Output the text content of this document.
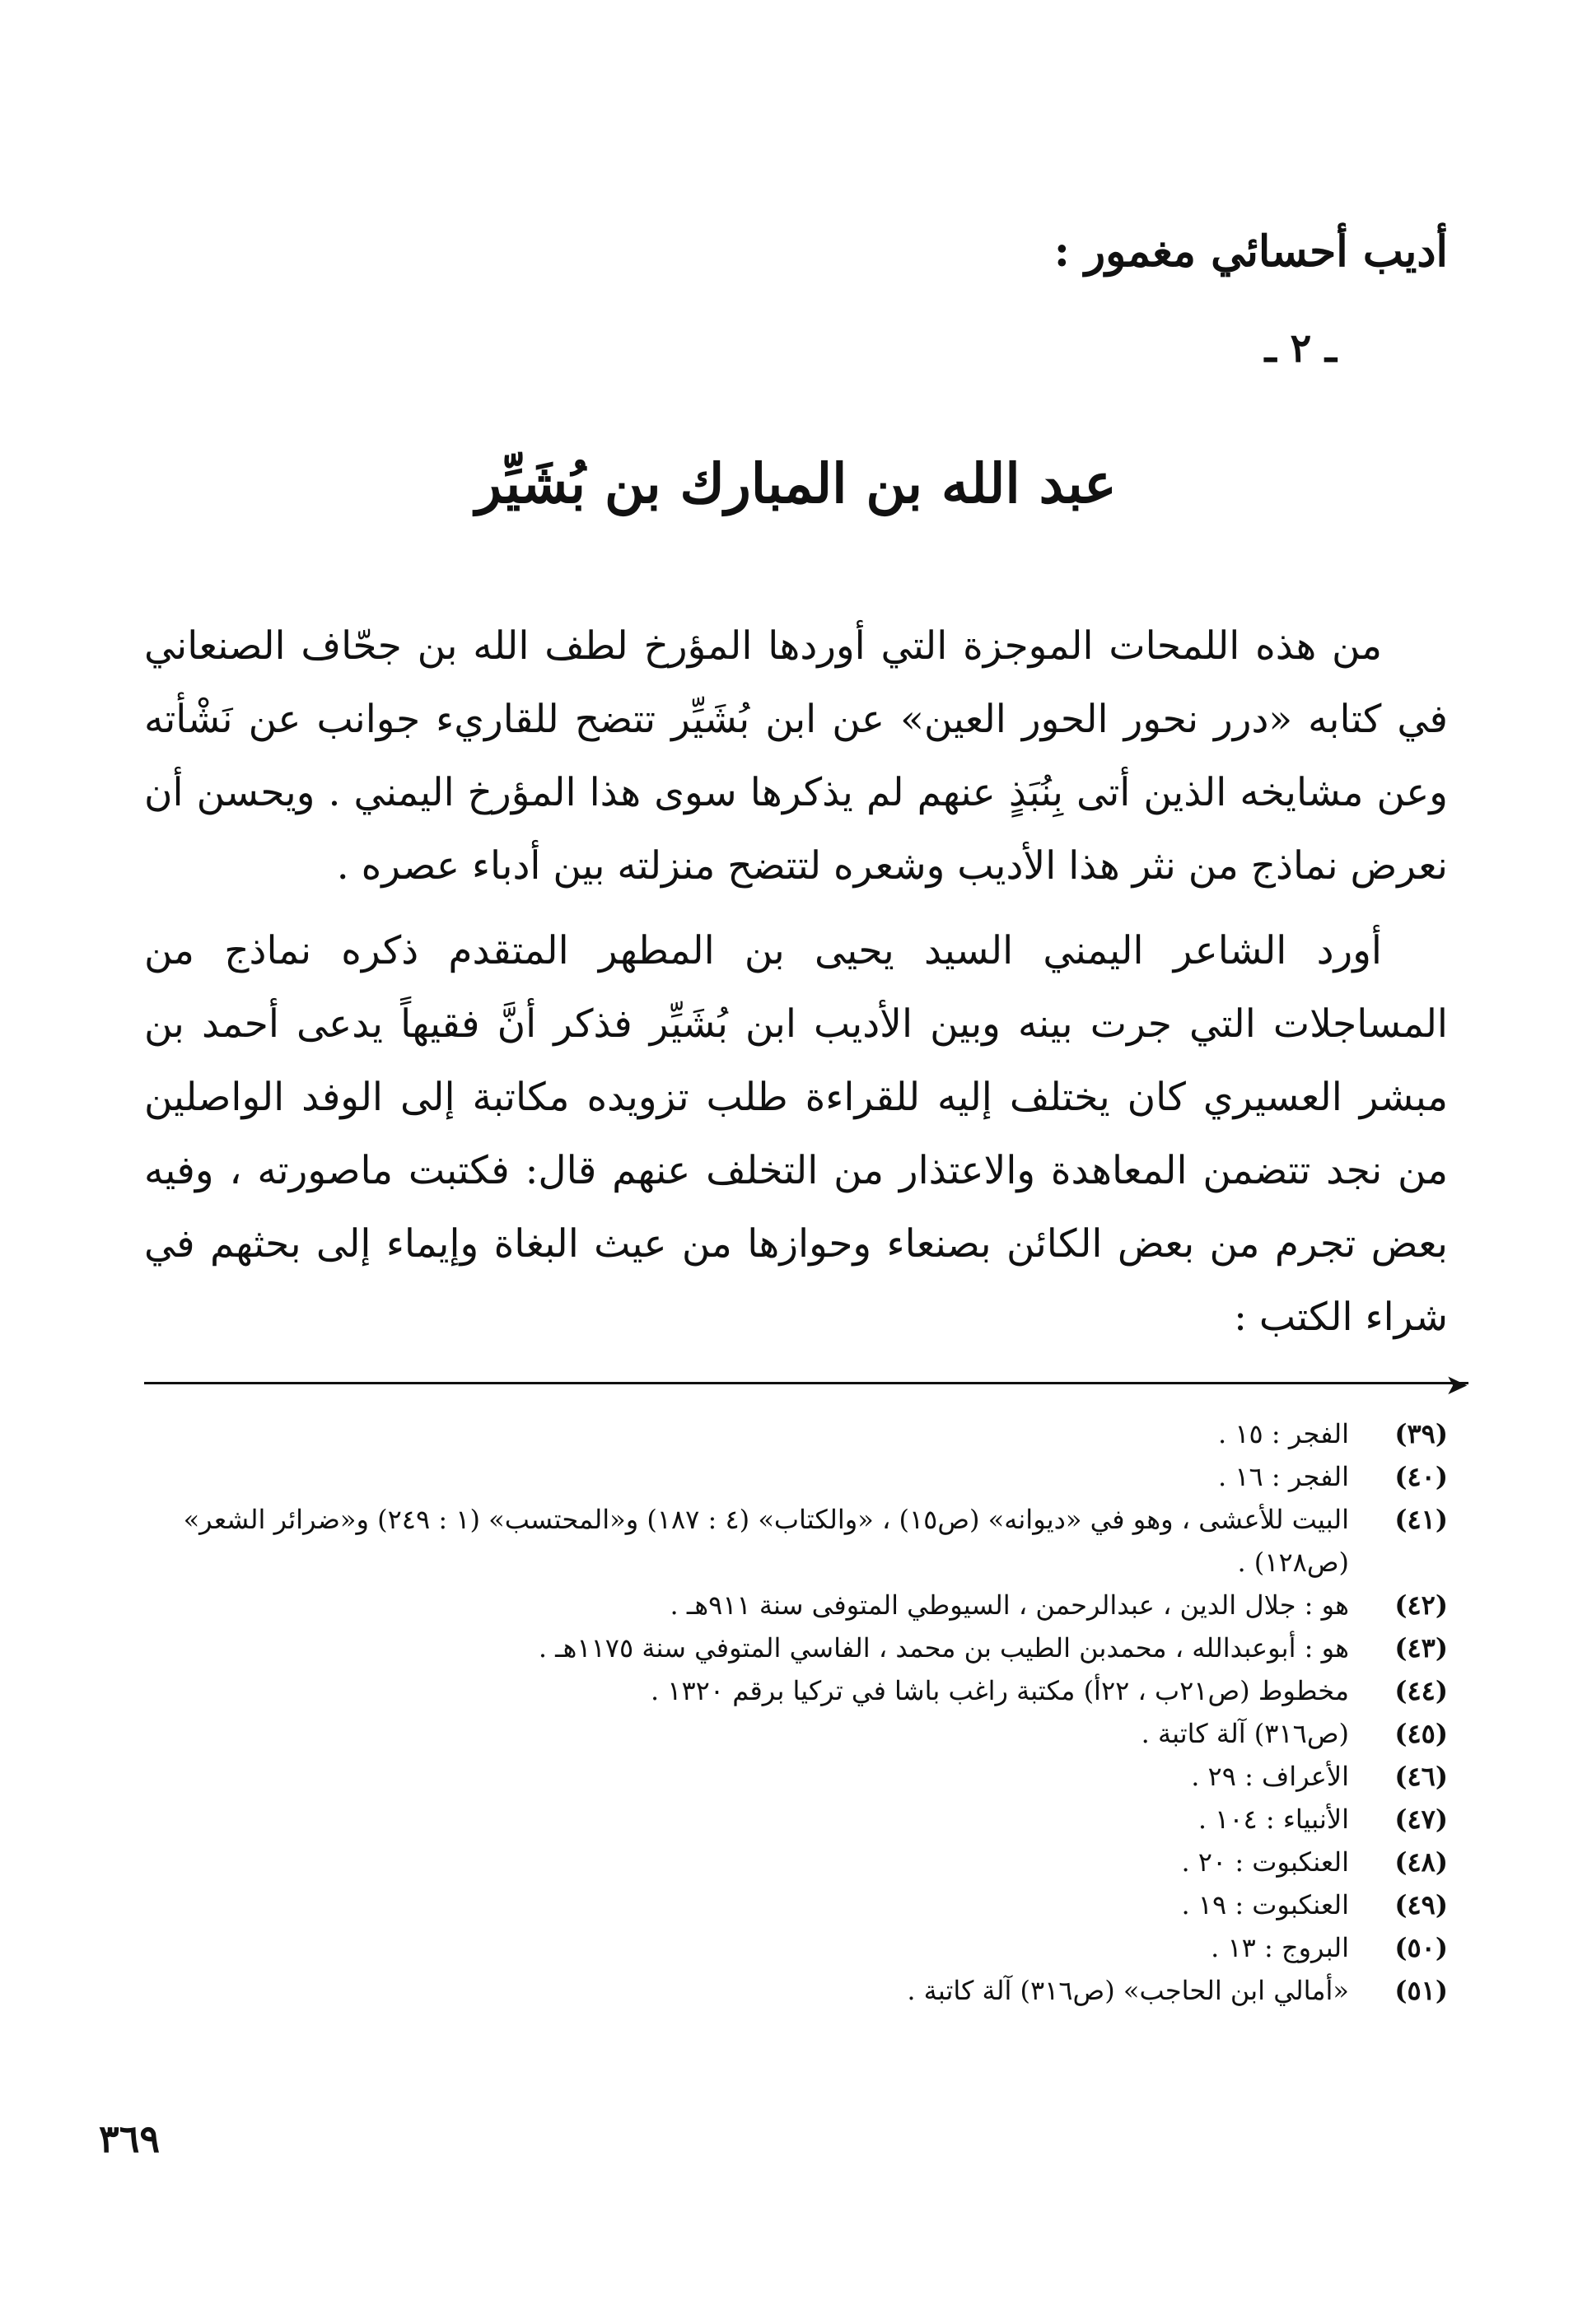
أديب أحسائي مغمور :
ـ ٢ ـ
عبد الله بن المبارك بن بُشَيِّر

من هذه اللمحات الموجزة التي أوردها المؤرخ لطف الله بن جحّاف الصنعاني في كتابه «درر نحور الحور العين» عن ابن بُشَيِّر تتضح للقاريء جوانب عن نَشْأته وعن مشايخه الذين أتى بِنُبَذٍ عنهم لم يذكرها سوى هذا المؤرخ اليمني . ويحسن أن نعرض نماذج من نثر هذا الأديب وشعره لتتضح منزلته بين أدباء عصره .

أورد الشاعر اليمني السيد يحيى بن المطهر المتقدم ذكره نماذج من المساجلات التي جرت بينه وبين الأديب ابن بُشَيِّر فذكر أنَّ فقيهاً يدعى أحمد بن مبشر العسيري كان يختلف إليه للقراءة طلب تزويده مكاتبة إلى الوفد الواصلين من نجد تتضمن المعاهدة والاعتذار من التخلف عنهم قال: فكتبت ماصورته ، وفيه بعض تجرم من بعض الكائن بصنعاء وحوازها من عيث البغاة وإيماء إلى بحثهم في شراء الكتب :

➤
(٣٩)
الفجر : ١٥ .
(٤٠)
الفجر : ١٦ .
(٤١)
البيت للأعشى ، وهو في «ديوانه» (ص١٥) ، «والكتاب» (٤ : ١٨٧) و«المحتسب» (١ : ٢٤٩) و«ضرائر الشعر» (ص١٢٨) .
(٤٢)
هو : جلال الدين ، عبدالرحمن ، السيوطي المتوفى سنة ٩١١هـ .
(٤٣)
هو : أبوعبدالله ، محمدبن الطيب بن محمد ، الفاسي المتوفي سنة ١١٧٥هـ .
(٤٤)
مخطوط (ص٢١ب ، ٢٢أ) مكتبة راغب باشا في تركيا برقم ١٣٢٠ .
(٤٥)
(ص٣١٦) آلة كاتبة .
(٤٦)
الأعراف : ٢٩ .
(٤٧)
الأنبياء : ١٠٤ .
(٤٨)
العنكبوت : ٢٠ .
(٤٩)
العنكبوت : ١٩ .
(٥٠)
البروج : ١٣ .
(٥١)
«أمالي ابن الحاجب» (ص٣١٦) آلة كاتبة .
٣٦٩
